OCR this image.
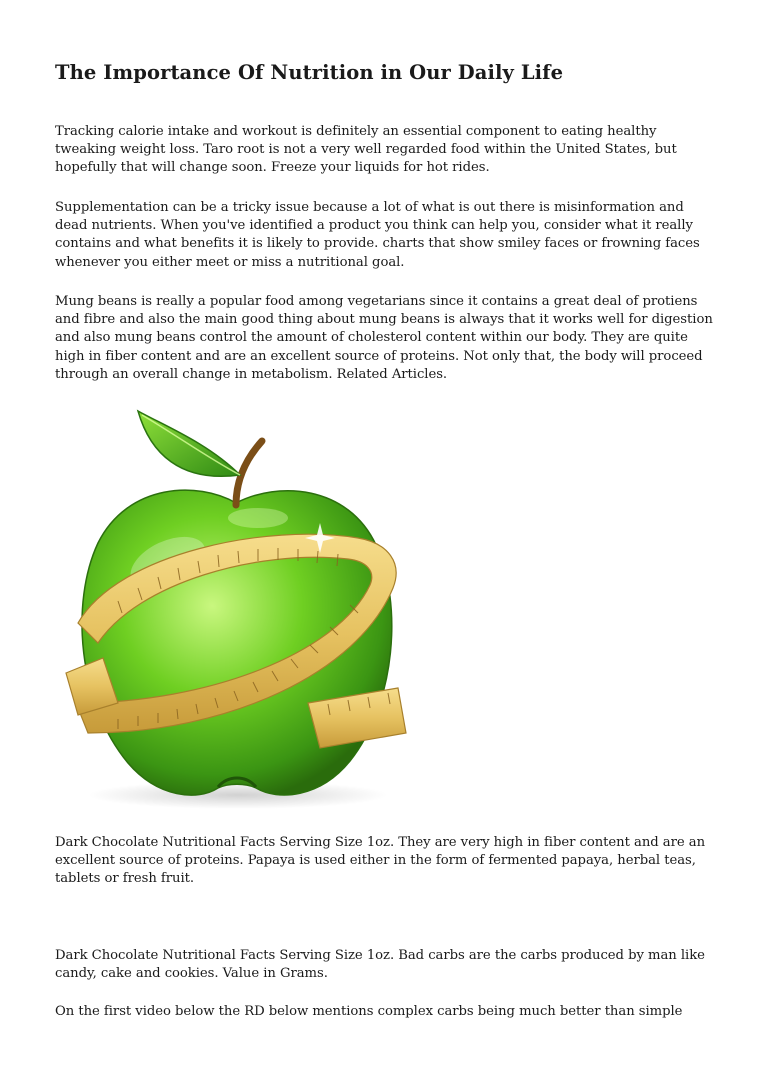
The Importance Of Nutrition in Our Daily Life

Tracking calorie intake and workout is definitely an essential component to eating healthy tweaking weight loss. Taro root is not a very well regarded food within the United States, but hopefully that will change soon. Freeze your liquids for hot rides.

Supplementation can be a tricky issue because a lot of what is out there is misinformation and dead nutrients. When you've identified a product you think can help you, consider what it really contains and what benefits it is likely to provide. charts that show smiley faces or frowning faces whenever you either meet or miss a nutritional goal.

Mung beans is really a popular food among vegetarians since it contains a great deal of protiens and fibre and also the main good thing about mung beans is always that it works well for digestion and also mung beans control the amount of cholesterol content within our body. They are quite high in fiber content and are an excellent source of proteins. Not only that, the body will proceed through an overall change in metabolism. Related Articles.

Dark Chocolate Nutritional Facts Serving Size 1oz. They are very high in fiber content and are an excellent source of proteins. Papaya is used either in the form of fermented papaya, herbal teas, tablets or fresh fruit.

Dark Chocolate Nutritional Facts Serving Size 1oz. Bad carbs are the carbs produced by man like candy, cake and cookies. Value in Grams.

On the first video below the RD below mentions complex carbs being much better than simple
